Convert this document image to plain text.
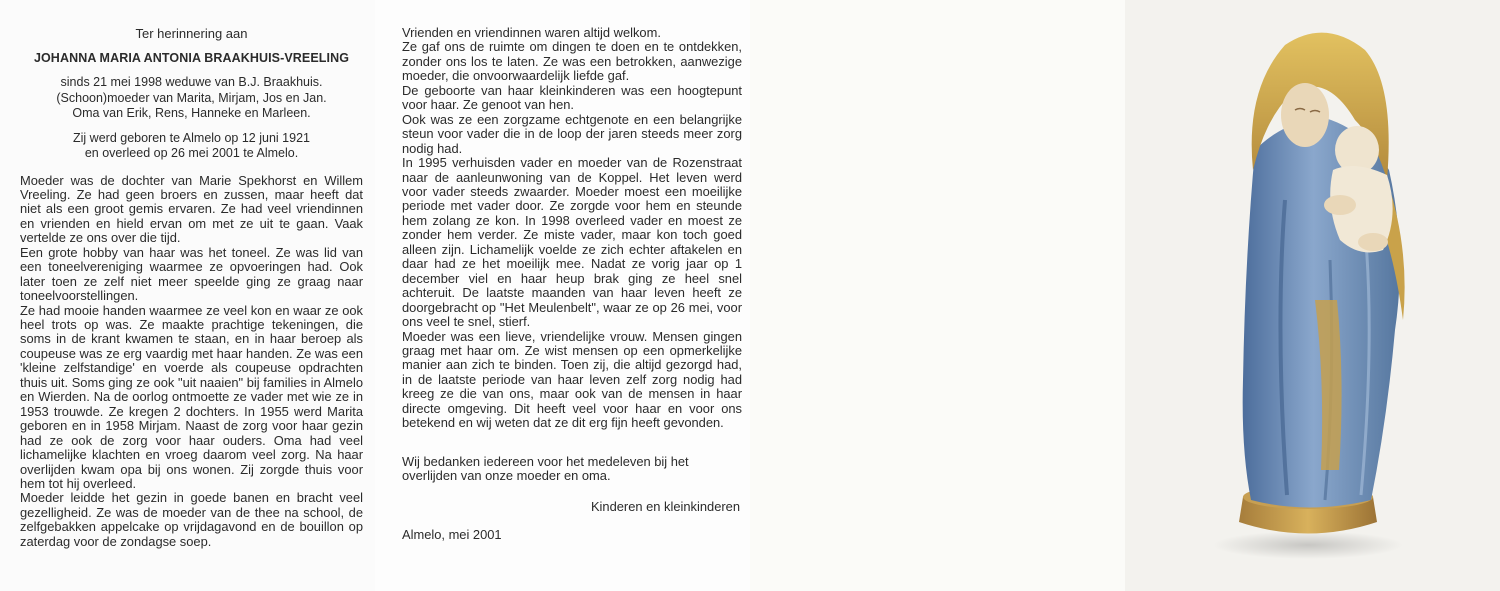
Ter herinnering aan

JOHANNA MARIA ANTONIA BRAAKHUIS-VREELING

sinds 21 mei 1998 weduwe van B.J. Braakhuis.
(Schoon)moeder van Marita, Mirjam, Jos en Jan.
Oma van Erik, Rens, Hanneke en Marleen.
Zij werd geboren te Almelo op 12 juni 1921
en overleed op 26 mei 2001 te Almelo.

Moeder was de dochter van Marie Spekhorst en Willem Vreeling. Ze had geen broers en zussen, maar heeft dat niet als een groot gemis ervaren. Ze had veel vriendinnen en vrienden en hield ervan om met ze uit te gaan. Vaak vertelde ze ons over die tijd.

Een grote hobby van haar was het toneel. Ze was lid van een toneelvereniging waarmee ze opvoeringen had. Ook later toen ze zelf niet meer speelde ging ze graag naar toneelvoorstellingen.

Ze had mooie handen waarmee ze veel kon en waar ze ook heel trots op was. Ze maakte prachtige tekeningen, die soms in de krant kwamen te staan, en in haar beroep als coupeuse was ze erg vaardig met haar handen. Ze was een 'kleine zelfstandige' en voerde als coupeuse opdrachten thuis uit. Soms ging ze ook "uit naaien" bij families in Almelo en Wierden. Na de oorlog ontmoette ze vader met wie ze in 1953 trouwde. Ze kregen 2 dochters. In 1955 werd Marita geboren en in 1958 Mirjam. Naast de zorg voor haar gezin had ze ook de zorg voor haar ouders. Oma had veel lichamelijke klachten en vroeg daarom veel zorg. Na haar overlijden kwam opa bij ons wonen. Zij zorgde thuis voor hem tot hij overleed.

Moeder leidde het gezin in goede banen en bracht veel gezelligheid. Ze was de moeder van de thee na school, de zelfgebakken appelcake op vrijdagavond en de bouillon op zaterdag voor de zondagse soep.

Vrienden en vriendinnen waren altijd welkom.

Ze gaf ons de ruimte om dingen te doen en te ontdekken, zonder ons los te laten. Ze was een betrokken, aanwezige moeder, die onvoorwaardelijk liefde gaf.

De geboorte van haar kleinkinderen was een hoogtepunt voor haar. Ze genoot van hen.

Ook was ze een zorgzame echtgenote en een belangrijke steun voor vader die in de loop der jaren steeds meer zorg nodig had.

In 1995 verhuisden vader en moeder van de Rozenstraat naar de aanleunwoning van de Koppel. Het leven werd voor vader steeds zwaarder. Moeder moest een moeilijke periode met vader door. Ze zorgde voor hem en steunde hem zolang ze kon. In 1998 overleed vader en moest ze zonder hem verder. Ze miste vader, maar kon toch goed alleen zijn. Lichamelijk voelde ze zich echter aftakelen en daar had ze het moeilijk mee. Nadat ze vorig jaar op 1 december viel en haar heup brak ging ze heel snel achteruit. De laatste maanden van haar leven heeft ze doorgebracht op "Het Meulenbelt", waar ze op 26 mei, voor ons veel te snel, stierf.

Moeder was een lieve, vriendelijke vrouw. Mensen gingen graag met haar om. Ze wist mensen op een opmerkelijke manier aan zich te binden. Toen zij, die altijd gezorgd had, in de laatste periode van haar leven zelf zorg nodig had kreeg ze die van ons, maar ook van de mensen in haar directe omgeving. Dit heeft veel voor haar en voor ons betekend en wij weten dat ze dit erg fijn heeft gevonden.

Wij bedanken iedereen voor het medeleven bij het overlijden van onze moeder en oma.
Kinderen en kleinkinderen
Almelo, mei 2001
